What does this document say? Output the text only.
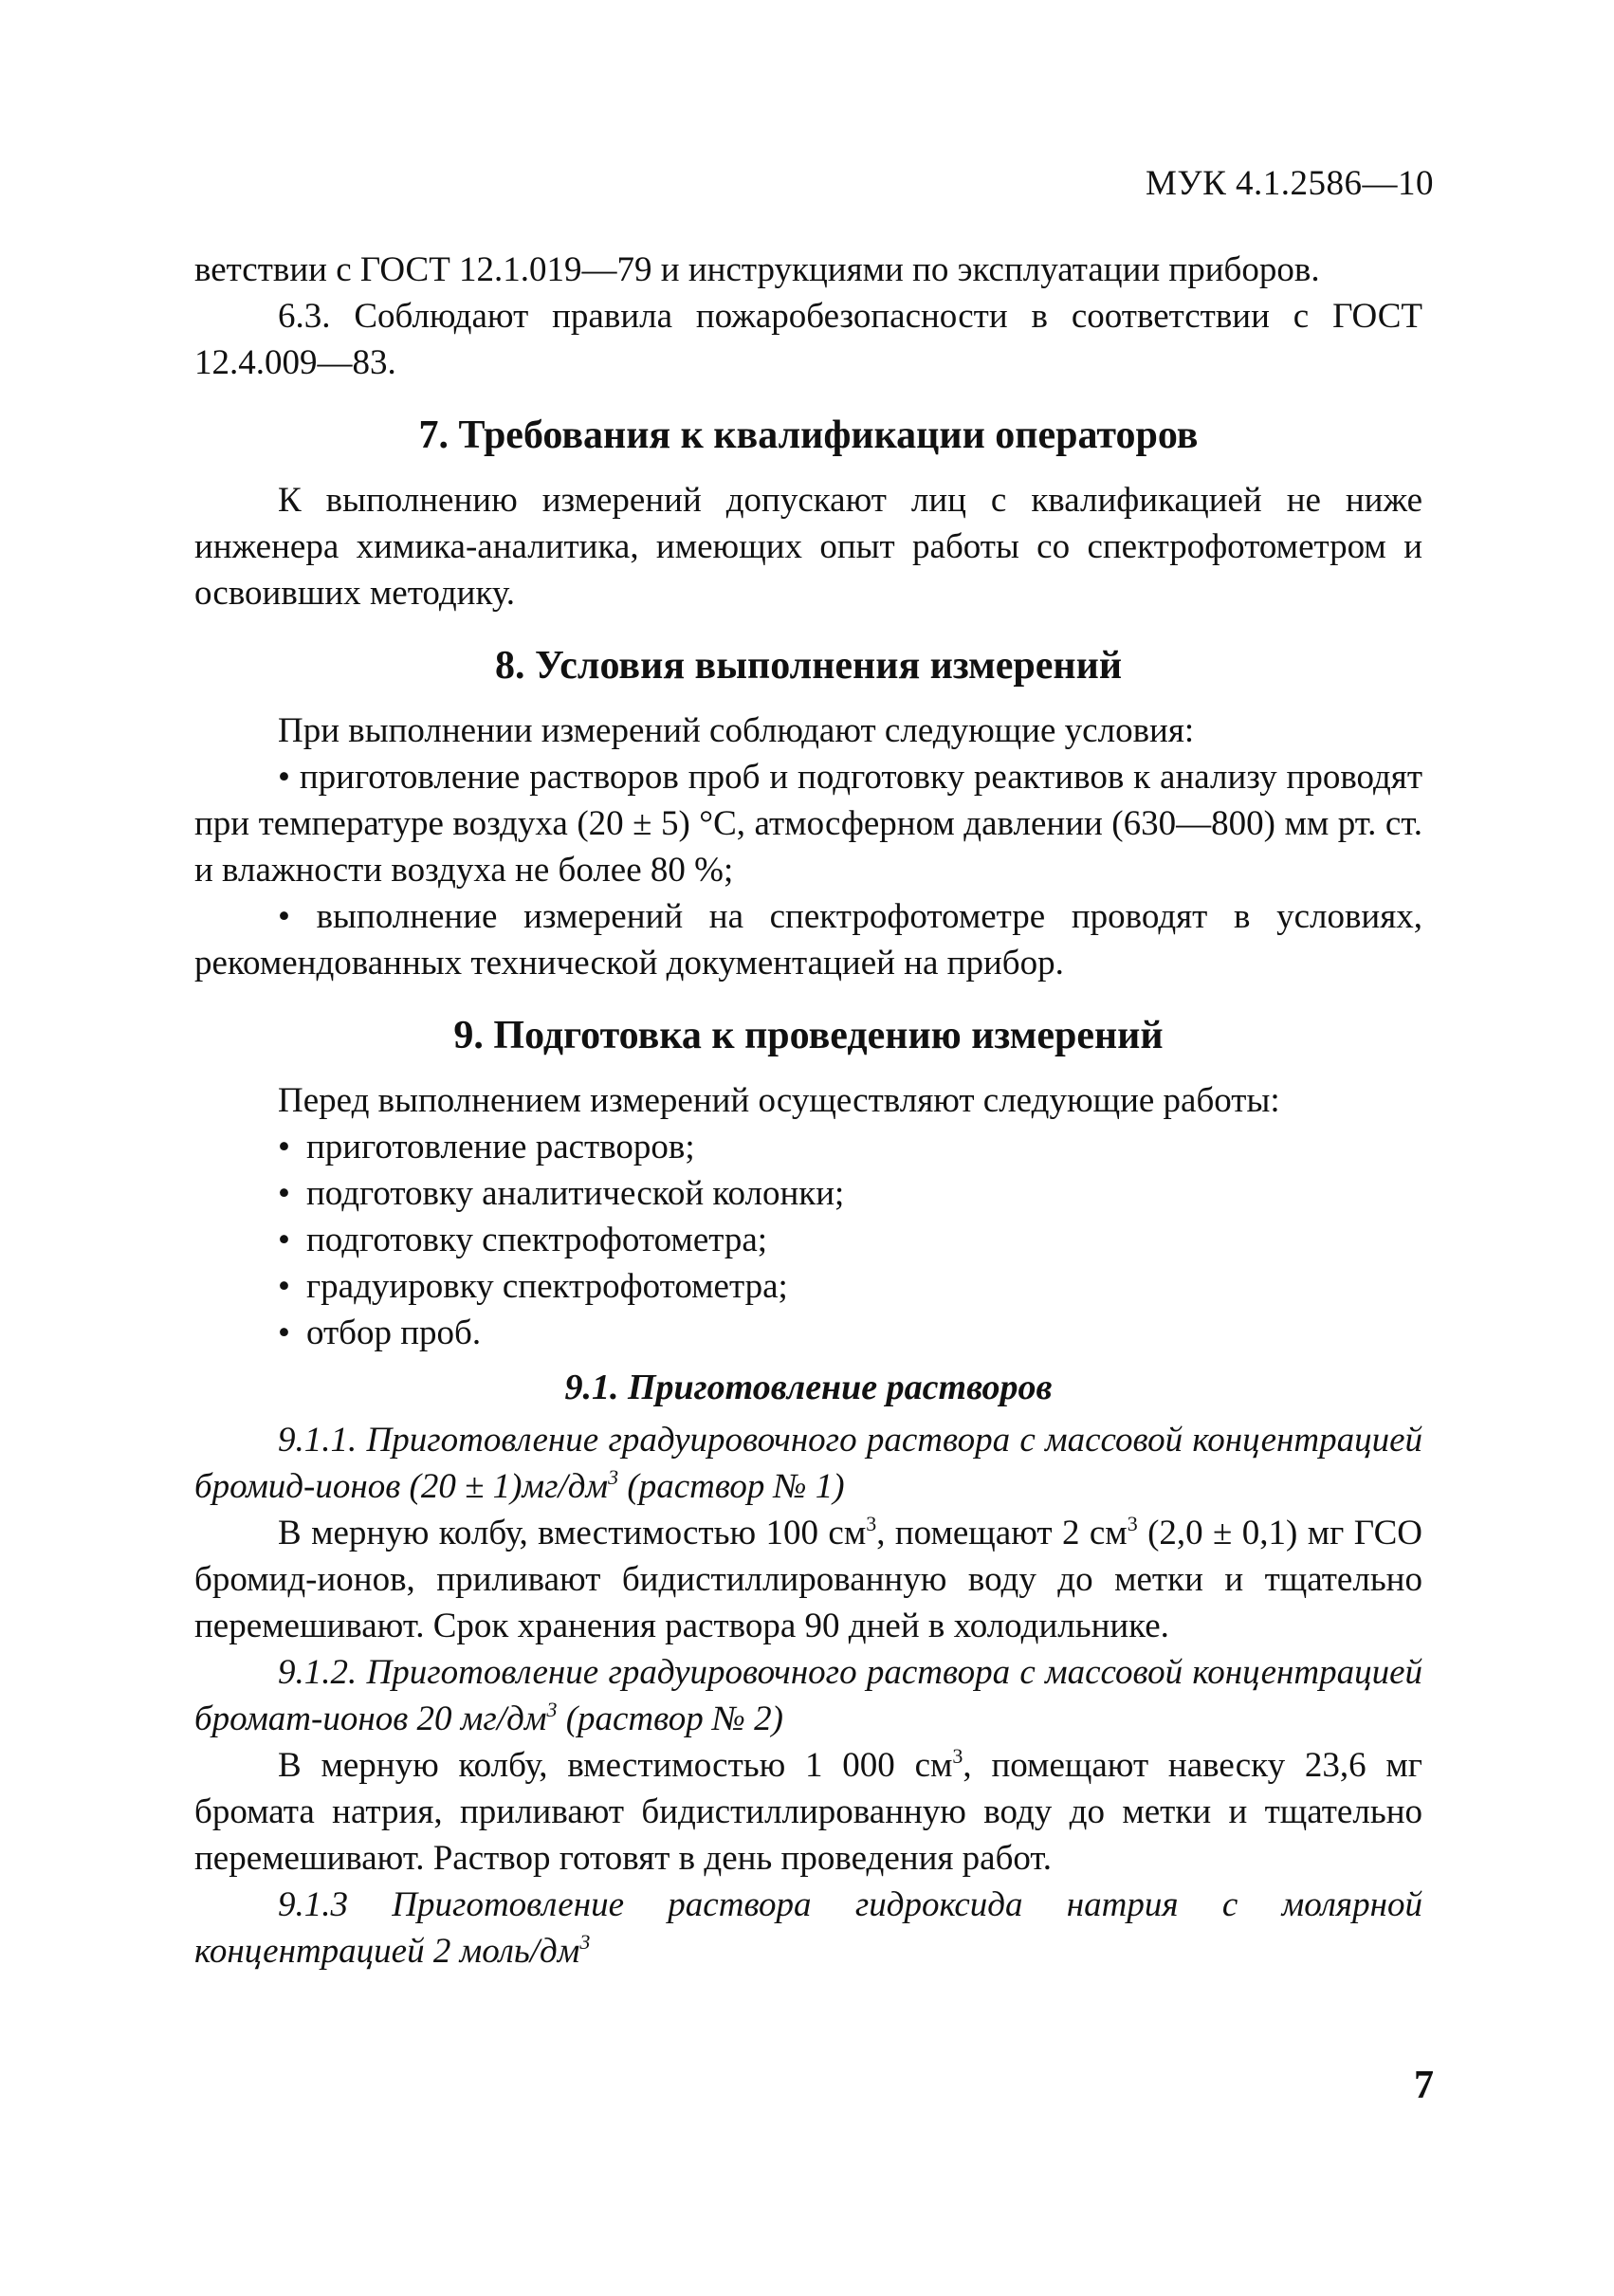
МУК 4.1.2586—10

ветствии с ГОСТ 12.1.019—79 и инструкциями по эксплуатации приборов.

6.3. Соблюдают правила пожаробезопасности в соответствии с ГОСТ 12.4.009—83.

7. Требования к квалификации операторов

К выполнению измерений допускают лиц с квалификацией не ниже инженера химика-аналитика, имеющих опыт работы со спектрофотометром и освоивших методику.

8. Условия выполнения измерений

При выполнении измерений соблюдают следующие условия:

• приготовление растворов проб и подготовку реактивов к анализу проводят при температуре воздуха (20 ± 5) °С, атмосферном давлении (630—800) мм рт. ст. и влажности воздуха не более 80 %;

• выполнение измерений на спектрофотометре проводят в условиях, рекомендованных технической документацией на прибор.

9. Подготовка к проведению измерений

Перед выполнением измерений осуществляют следующие работы:

• приготовление растворов;
• подготовку аналитической колонки;
• подготовку спектрофотометра;
• градуировку спектрофотометра;
• отбор проб.
9.1. Приготовление растворов

9.1.1. Приготовление градуировочного раствора с массовой концентрацией бромид-ионов $(20 \pm 1)мг/дм^3$ (раствор № 1)

В мерную колбу, вместимостью 100 $см^3$, помещают 2 $см^3$ (2,0 ± 0,1) мг ГСО бромид-ионов, приливают бидистиллированную воду до метки и тщательно перемешивают. Срок хранения раствора 90 дней в холодильнике.

9.1.2. Приготовление градуировочного раствора с массовой концентрацией бромат-ионов 20 $мг/дм^3$ (раствор № 2)

В мерную колбу, вместимостью 1 000 $см^3$, помещают навеску 23,6 мг бромата натрия, приливают бидистиллированную воду до метки и тщательно перемешивают. Раствор готовят в день проведения работ.

9.1.3 Приготовление раствора гидроксида натрия с молярной концентрацией 2 моль/$дм^3$

7
